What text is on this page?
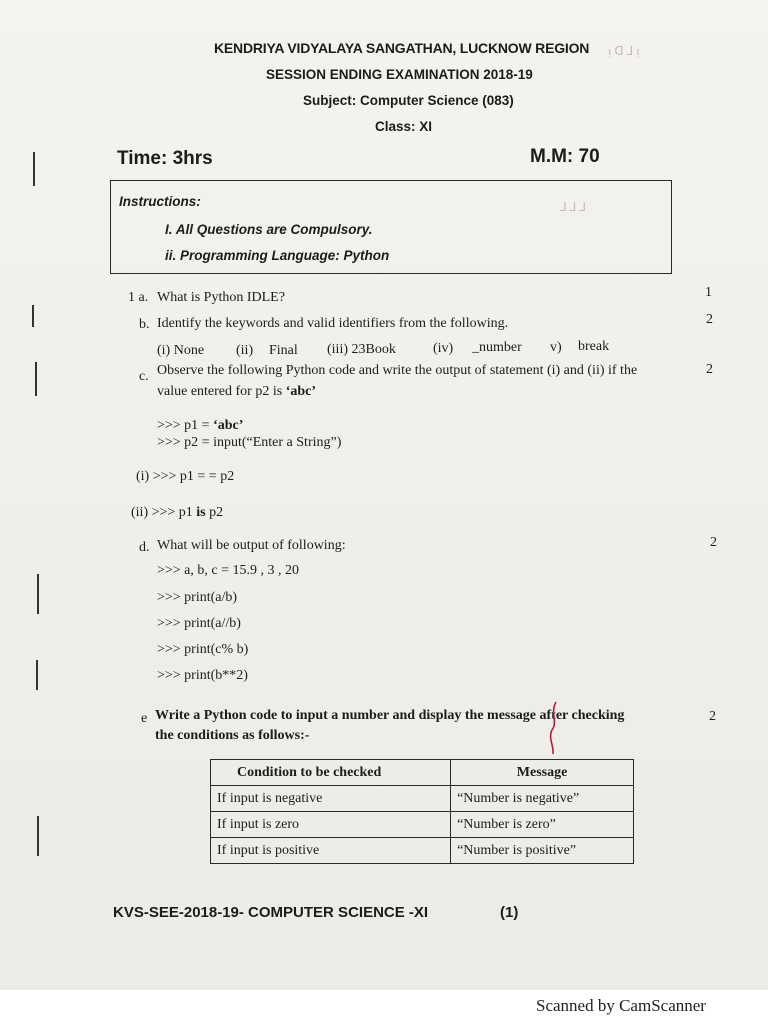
ᴉ ᗡ ⅃ ᴉ
⅃ ⅃ ⅃
KENDRIYA VIDYALAYA SANGATHAN, LUCKNOW REGION
SESSION ENDING EXAMINATION 2018-19
Subject: Computer Science (083)
Class: XI
Time: 3hrs	M.M: 70
Instructions:
I. All Questions are Compulsory.
ii. Programming Language: Python
1 a. What is Python IDLE?	1
b. Identify the keywords and valid identifiers from the following.	2
(i) None (ii) Final (iii) 23Book	(iv) _number v) break
c. Observe the following Python code and write the output of statement (i) and (ii) if the	2
value entered for p2 is ‘abc’
>>> p1 = ‘abc’
>>> p2 = input(“Enter a String”)
(i) >>> p1 = = p2
(ii) >>> p1 is p2
d. What will be output of following:	2
>>> a, b, c = 15.9 , 3 , 20
>>> print(a/b)
>>> print(a//b)
>>> print(c% b)
>>> print(b**2)
e Write a Python code to input a number and display the message after checking
the conditions as follows:-
2
Condition to be checked	Message
If input is negative	“Number is negative”
If input is zero	“Number is zero”
If input is positive	“Number is positive”
KVS-SEE-2018-19- COMPUTER SCIENCE -XI	(1)
Scanned by CamScanner
